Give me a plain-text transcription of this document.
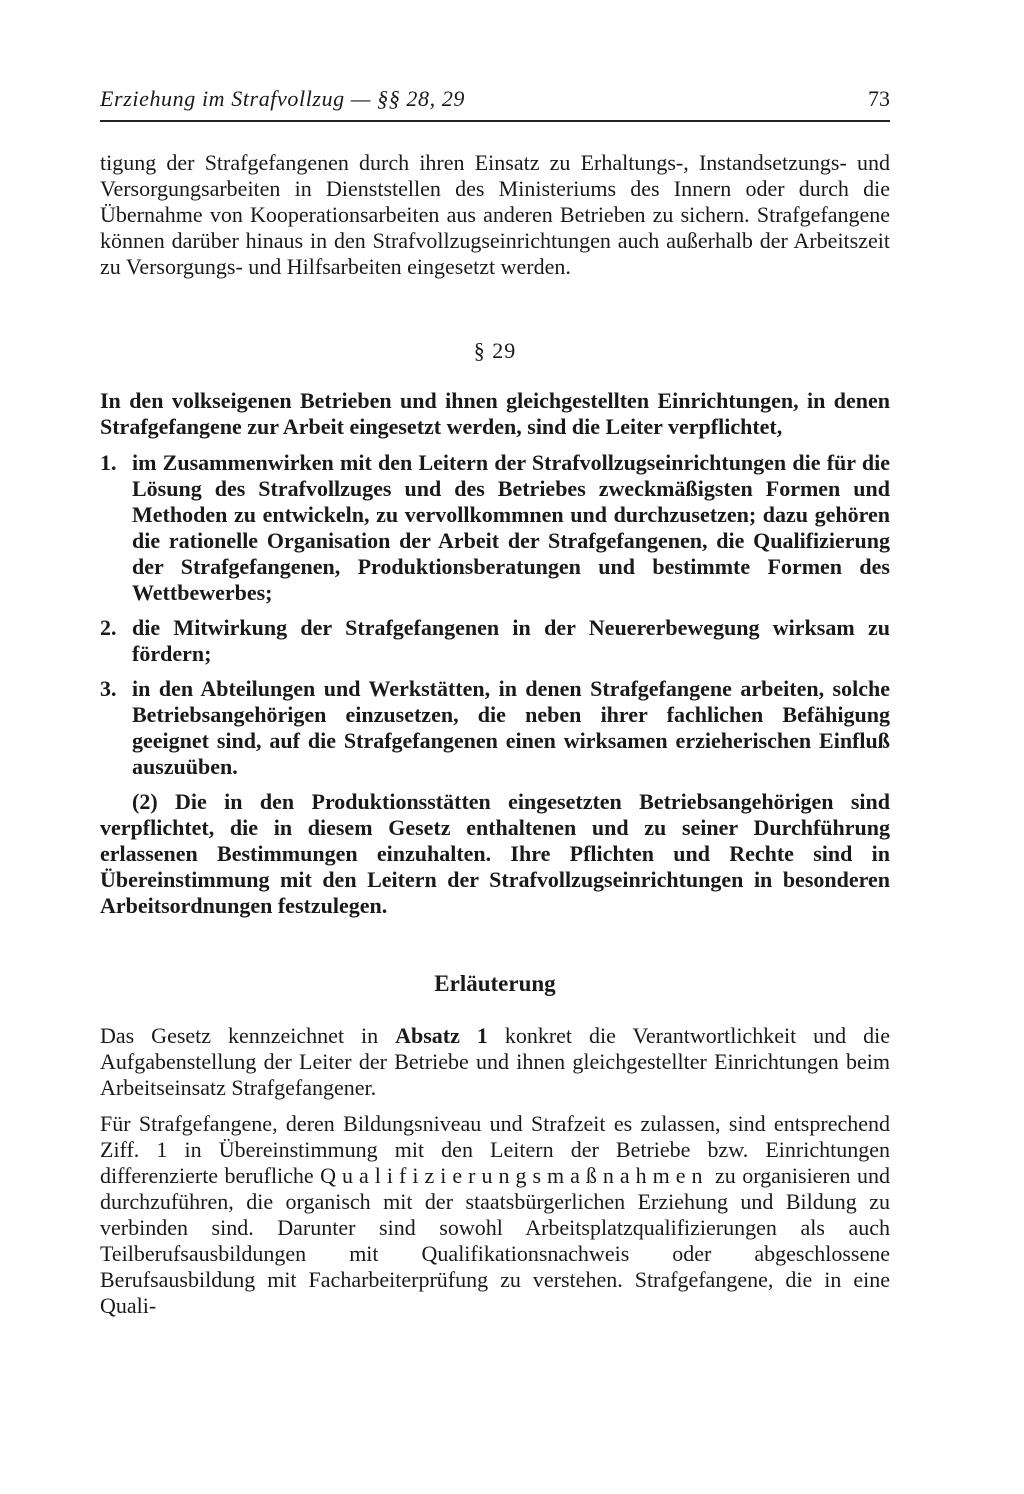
Erziehung im Strafvollzug — §§ 28, 29	73

tigung der Strafgefangenen durch ihren Einsatz zu Erhaltungs-, Instandsetzungs- und Versorgungsarbeiten in Dienststellen des Ministeriums des Innern oder durch die Übernahme von Kooperationsarbeiten aus anderen Betrieben zu sichern. Strafgefangene können darüber hinaus in den Strafvollzugseinrichtungen auch außerhalb der Arbeitszeit zu Versorgungs- und Hilfsarbeiten eingesetzt werden.

§ 29

In den volkseigenen Betrieben und ihnen gleichgestellten Einrichtungen, in denen Strafgefangene zur Arbeit eingesetzt werden, sind die Leiter verpflichtet,

1. im Zusammenwirken mit den Leitern der Strafvollzugseinrichtungen die für die Lösung des Strafvollzuges und des Betriebes zweckmäßigsten Formen und Methoden zu entwickeln, zu vervollkommnen und durchzusetzen; dazu gehören die rationelle Organisation der Arbeit der Strafgefangenen, die Qualifizierung der Strafgefangenen, Produktionsberatungen und bestimmte Formen des Wettbewerbes;
2. die Mitwirkung der Strafgefangenen in der Neuererbewegung wirksam zu fördern;
3. in den Abteilungen und Werkstätten, in denen Strafgefangene arbeiten, solche Betriebsangehörigen einzusetzen, die neben ihrer fachlichen Befähigung geeignet sind, auf die Strafgefangenen einen wirksamen erzieherischen Einfluß auszuüben.

(2) Die in den Produktionsstätten eingesetzten Betriebsangehörigen sind verpflichtet, die in diesem Gesetz enthaltenen und zu seiner Durchführung erlassenen Bestimmungen einzuhalten. Ihre Pflichten und Rechte sind in Übereinstimmung mit den Leitern der Strafvollzugseinrichtungen in besonderen Arbeitsordnungen festzulegen.

Erläuterung

Das Gesetz kennzeichnet in Absatz 1 konkret die Verantwortlichkeit und die Aufgabenstellung der Leiter der Betriebe und ihnen gleichgestellter Einrichtungen beim Arbeitseinsatz Strafgefangener.

Für Strafgefangene, deren Bildungsniveau und Strafzeit es zulassen, sind entsprechend Ziff. 1 in Übereinstimmung mit den Leitern der Betriebe bzw. Einrichtungen differenzierte berufliche Qualifizierungsmaßnahmen zu organisieren und durchzuführen, die organisch mit der staatsbürgerlichen Erziehung und Bildung zu verbinden sind. Darunter sind sowohl Arbeitsplatzqualifizierungen als auch Teilberufsausbildungen mit Qualifikationsnachweis oder abgeschlossene Berufsausbildung mit Facharbeiterprüfung zu verstehen. Strafgefangene, die in eine Quali-
